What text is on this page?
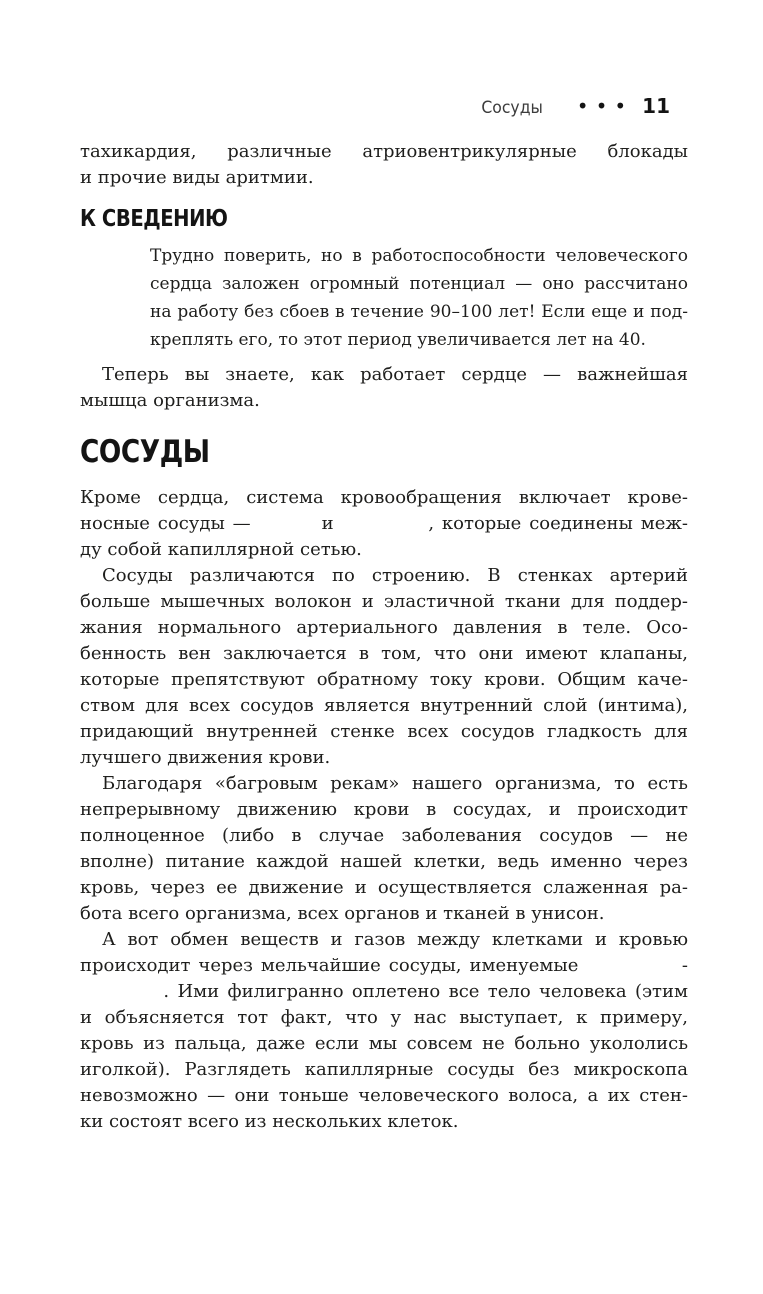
Сосуды ••• 11
тахикардия, различные атриовентрикулярные блокады
и прочие виды аритмии.
К СВЕДЕНИЮ
Трудно поверить, но в работоспособности человеческого
сердца заложен огромный потенциал — оно рассчитано
на работу без сбоев в течение 90–100 лет! Если еще и под-
креплять его, то этот период увеличивается лет на 40.
Теперь вы знаете, как работает сердце — важнейшая
мышца организма.
СОСУДЫ
Кроме сердца, система кровообращения включает крове-
носные сосуды —         и            , которые соединены меж-
ду собой капиллярной сетью.
Сосуды различаются по строению. В стенках артерий
больше мышечных волокон и эластичной ткани для поддер-
жания нормального артериального давления в теле. Осо-
бенность вен заключается в том, что они имеют клапаны,
которые препятствуют обратному току крови. Общим каче-
ством для всех сосудов является внутренний слой (интима),
придающий внутренней стенке всех сосудов гладкость для
лучшего движения крови.
Благодаря «багровым рекам» нашего организма, то есть
непрерывному движению крови в сосудах, и происходит
полноценное (либо в случае заболевания сосудов — не
вполне) питание каждой нашей клетки, ведь именно через
кровь, через ее движение и осуществляется слаженная ра-
бота всего организма, всех органов и тканей в унисон.
А вот обмен веществ и газов между клетками и кровью
происходит через мельчайшие сосуды, именуемые             -
. Ими филигранно оплетено все тело человека (этим
и объясняется тот факт, что у нас выступает, к примеру,
кровь из пальца, даже если мы совсем не больно укололись
иголкой). Разглядеть капиллярные сосуды без микроскопа
невозможно — они тоньше человеческого волоса, а их стен-
ки состоят всего из нескольких клеток.
